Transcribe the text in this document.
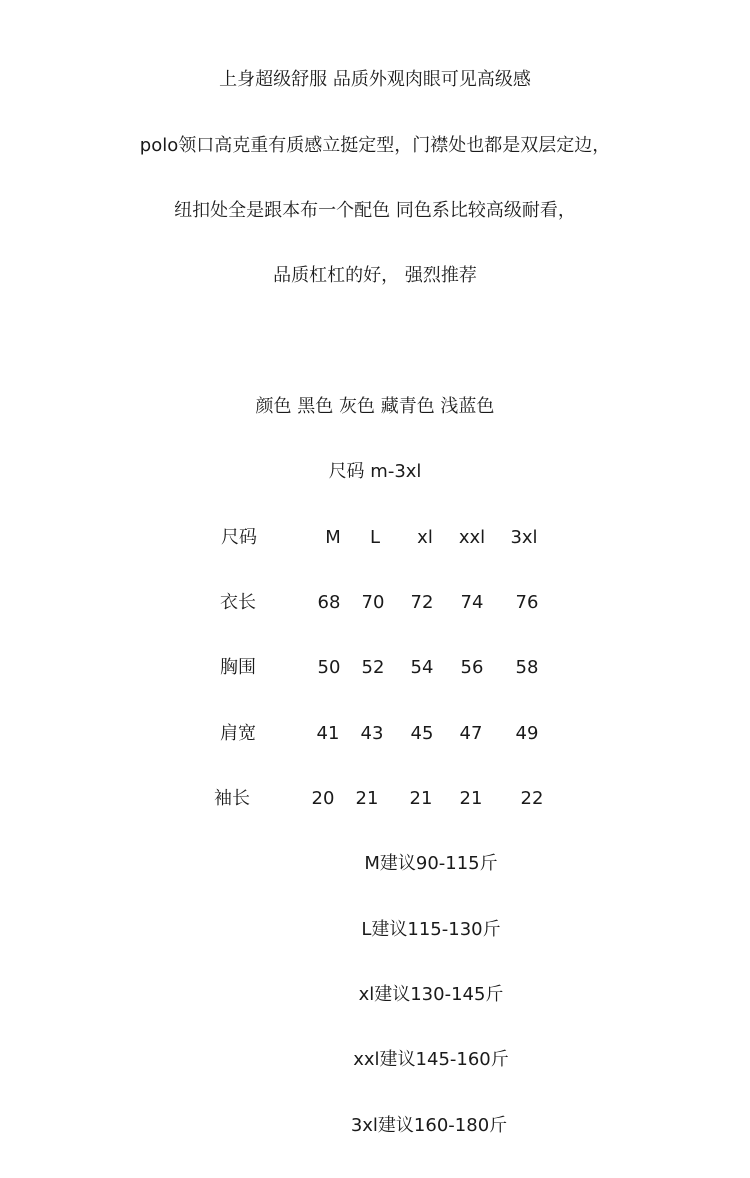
上身超级舒服 品质外观肉眼可见高级感
polo领口高克重有质感立挺定型，门襟处也都是双层定边，
纽扣处全是跟本布一个配色 同色系比较高级耐看，
品质杠杠的好， 强烈推荐
颜色 黑色 灰色 藏青色 浅蓝色
尺码 m-3xl
尺码	M	L	xl	xxl	3xl
衣长	68	70	72	74	76
胸围	50	52	54	56	58
肩宽	41	43	45	47	49
袖长	20	21	21	21	22
M建议90-115斤
L建议115-130斤
xl建议130-145斤
xxl建议145-160斤
3xl建议160-180斤
